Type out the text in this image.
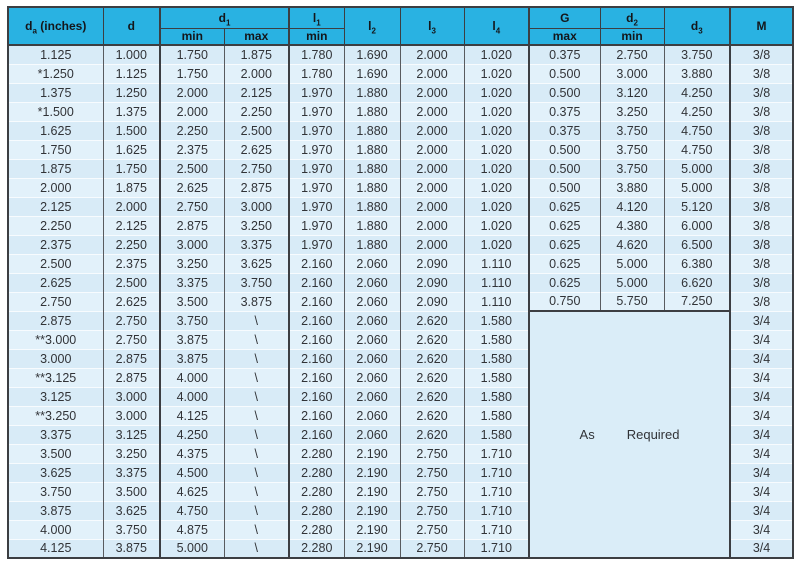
$d_a$ (inches)	d	$d_1$		$l_1$	$l_2$	$l_3$	$l_4$	G	$d_2$	$d_3$	M
		min	max	min				max	min		
1.125	1.000	1.750	1.875	1.780	1.690	2.000	1.020	0.375	2.750	3.750	3/8
*1.250	1.125	1.750	2.000	1.780	1.690	2.000	1.020	0.500	3.000	3.880	3/8
1.375	1.250	2.000	2.125	1.970	1.880	2.000	1.020	0.500	3.120	4.250	3/8
*1.500	1.375	2.000	2.250	1.970	1.880	2.000	1.020	0.375	3.250	4.250	3/8
1.625	1.500	2.250	2.500	1.970	1.880	2.000	1.020	0.375	3.750	4.750	3/8
1.750	1.625	2.375	2.625	1.970	1.880	2.000	1.020	0.500	3.750	4.750	3/8
1.875	1.750	2.500	2.750	1.970	1.880	2.000	1.020	0.500	3.750	5.000	3/8
2.000	1.875	2.625	2.875	1.970	1.880	2.000	1.020	0.500	3.880	5.000	3/8
2.125	2.000	2.750	3.000	1.970	1.880	2.000	1.020	0.625	4.120	5.120	3/8
2.250	2.125	2.875	3.250	1.970	1.880	2.000	1.020	0.625	4.380	6.000	3/8
2.375	2.250	3.000	3.375	1.970	1.880	2.000	1.020	0.625	4.620	6.500	3/8
2.500	2.375	3.250	3.625	2.160	2.060	2.090	1.110	0.625	5.000	6.380	3/8
2.625	2.500	3.375	3.750	2.160	2.060	2.090	1.110	0.625	5.000	6.620	3/8
2.750	2.625	3.500	3.875	2.160	2.060	2.090	1.110	0.750	5.750	7.250	3/8
2.875	2.750	3.750	\	2.160	2.060	2.620	1.580	As Required			3/4
**3.000	2.750	3.875	\	2.160	2.060	2.620	1.580				3/4
3.000	2.875	3.875	\	2.160	2.060	2.620	1.580				3/4
**3.125	2.875	4.000	\	2.160	2.060	2.620	1.580				3/4
3.125	3.000	4.000	\	2.160	2.060	2.620	1.580				3/4
**3.250	3.000	4.125	\	2.160	2.060	2.620	1.580				3/4
3.375	3.125	4.250	\	2.160	2.060	2.620	1.580				3/4
3.500	3.250	4.375	\	2.280	2.190	2.750	1.710				3/4
3.625	3.375	4.500	\	2.280	2.190	2.750	1.710				3/4
3.750	3.500	4.625	\	2.280	2.190	2.750	1.710				3/4
3.875	3.625	4.750	\	2.280	2.190	2.750	1.710				3/4
4.000	3.750	4.875	\	2.280	2.190	2.750	1.710				3/4
4.125	3.875	5.000	\	2.280	2.190	2.750	1.710				3/4
